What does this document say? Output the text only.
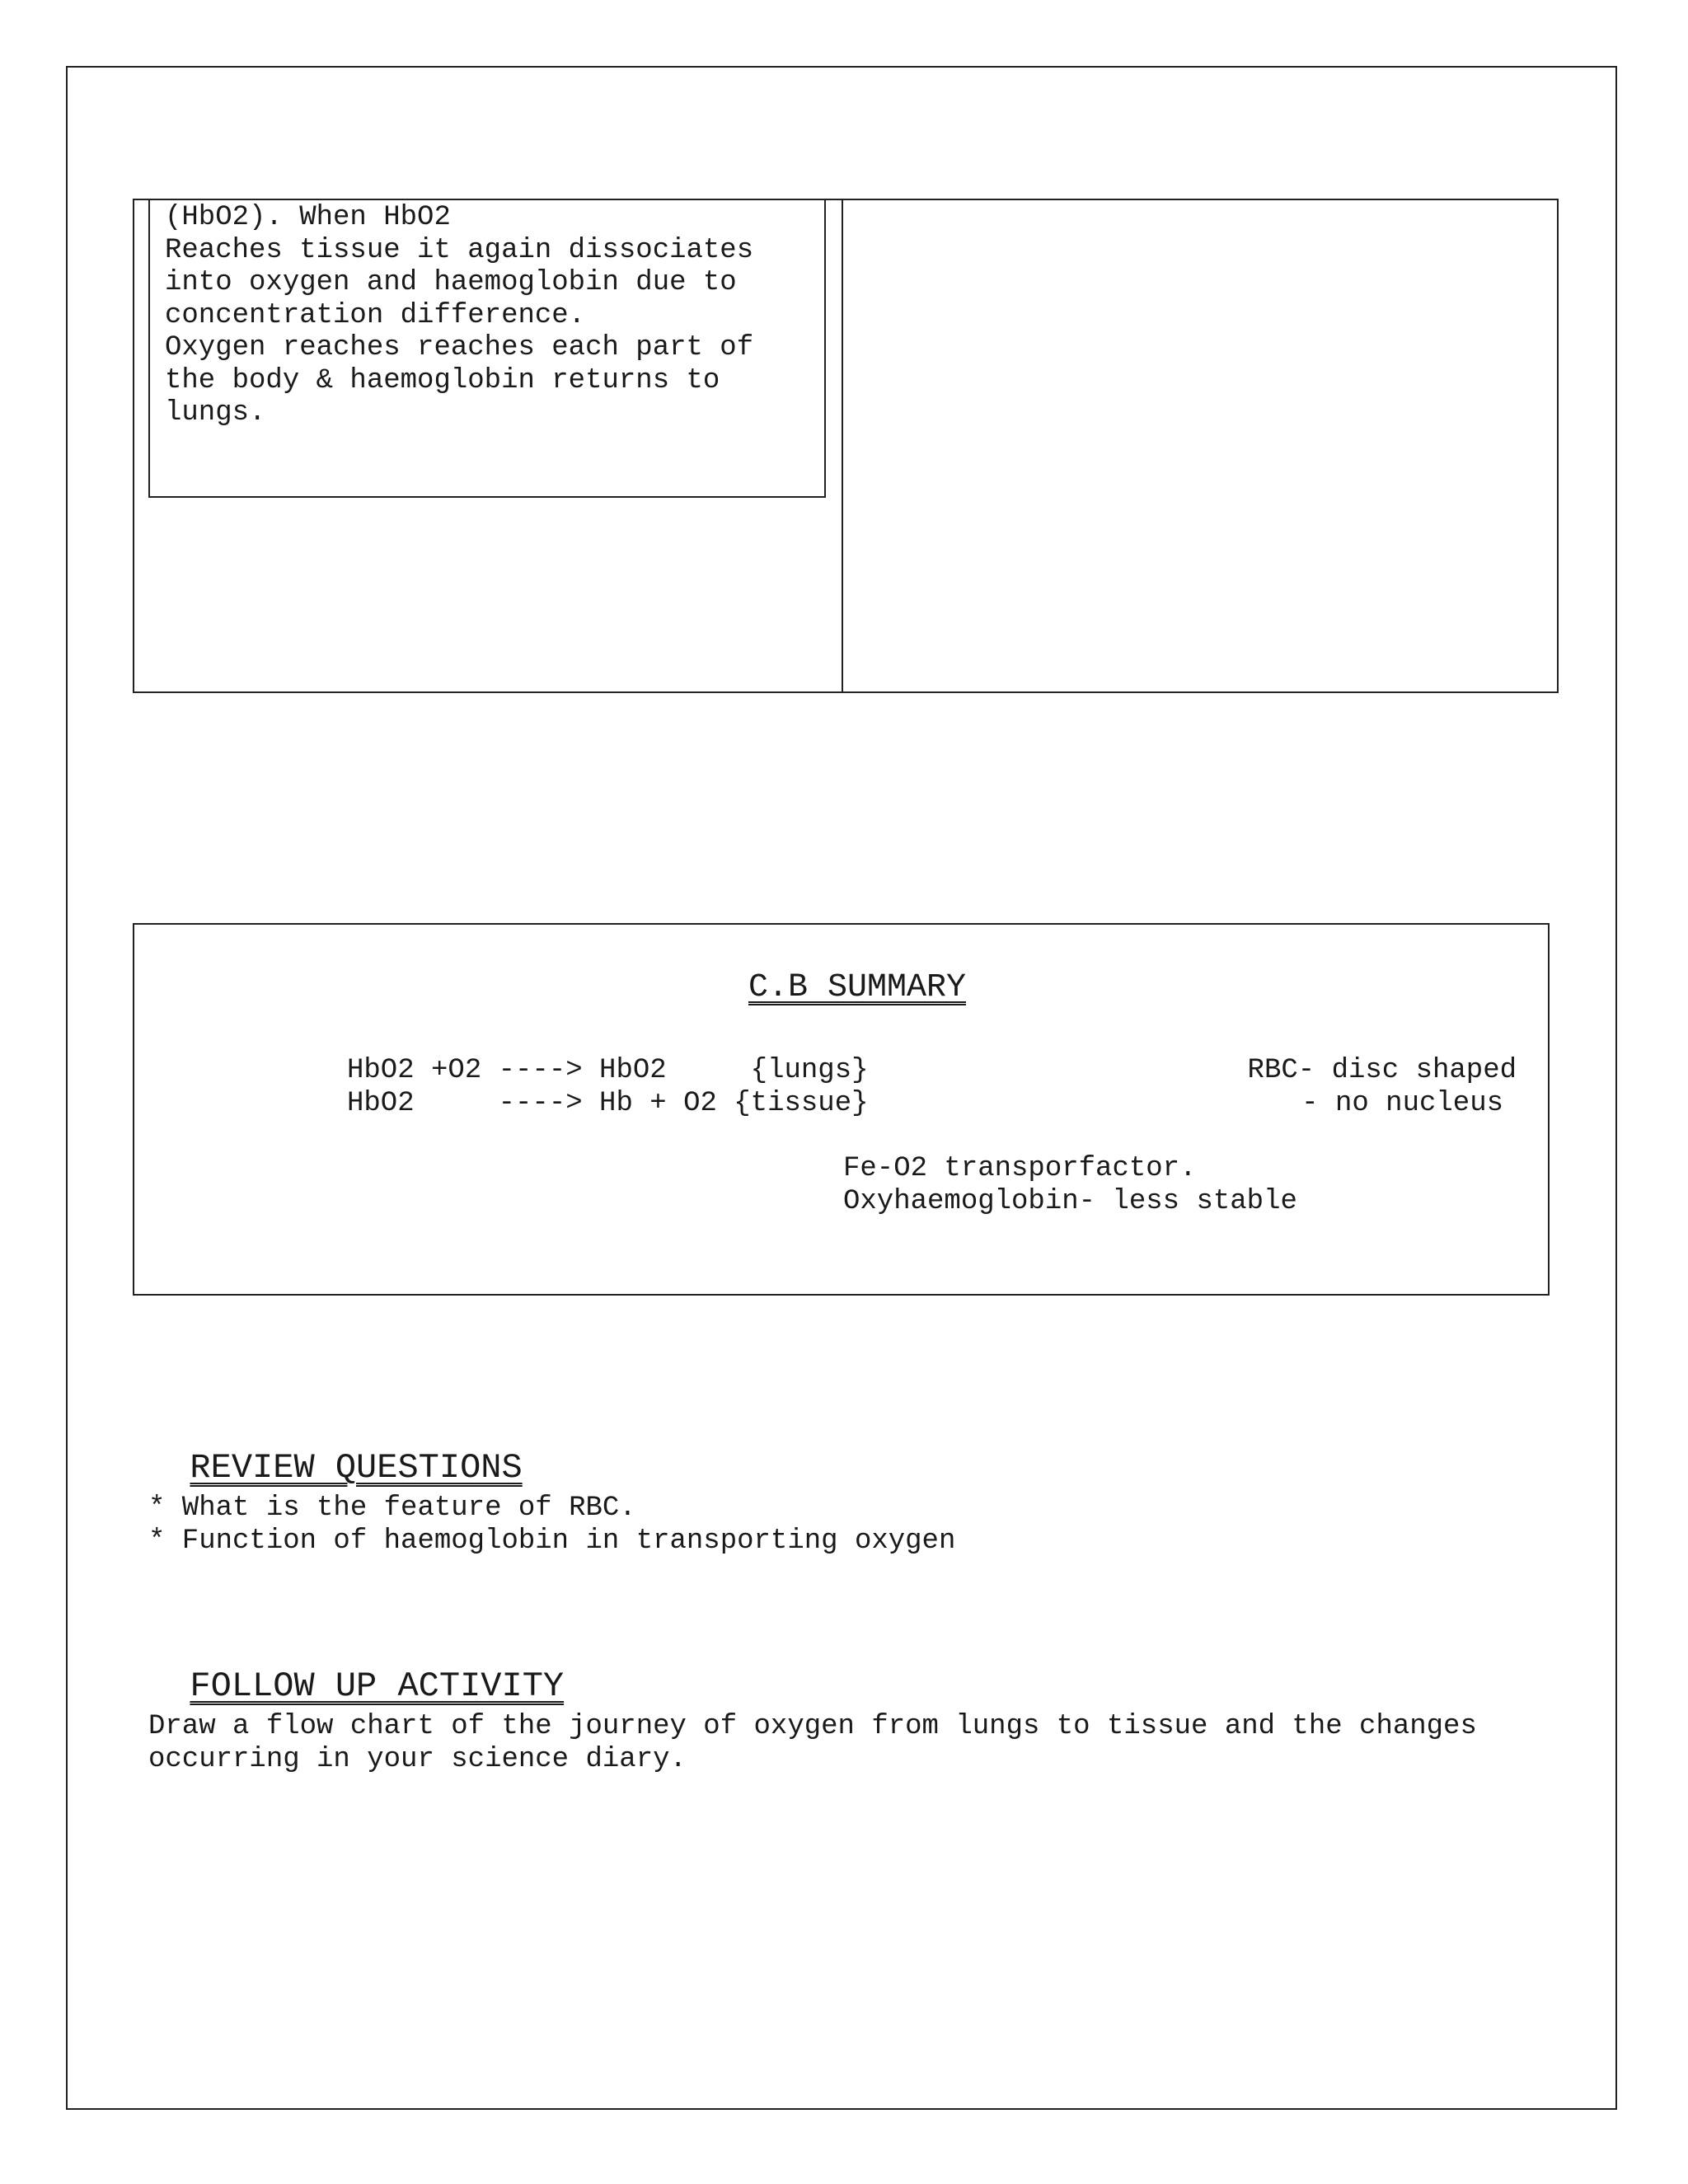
(HbO2). When HbO2
Reaches tissue it again dissociates
into oxygen and haemoglobin due to
concentration difference.
Oxygen reaches reaches each part of
the body & haemoglobin returns to
lungs.

C.B SUMMARY

HbO2 +O2 ----> HbO2     {lungs}
HbO2     ----> Hb + O2 {tissue}
RBC- disc shaped
- no nucleus
Fe-O2 transporfactor.
Oxyhaemoglobin- less stable

REVIEW QUESTIONS

* What is the feature of RBC.
* Function of haemoglobin in transporting oxygen

FOLLOW UP ACTIVITY

Draw a flow chart of the journey of oxygen from lungs to tissue and the changes
occurring in your science diary.
